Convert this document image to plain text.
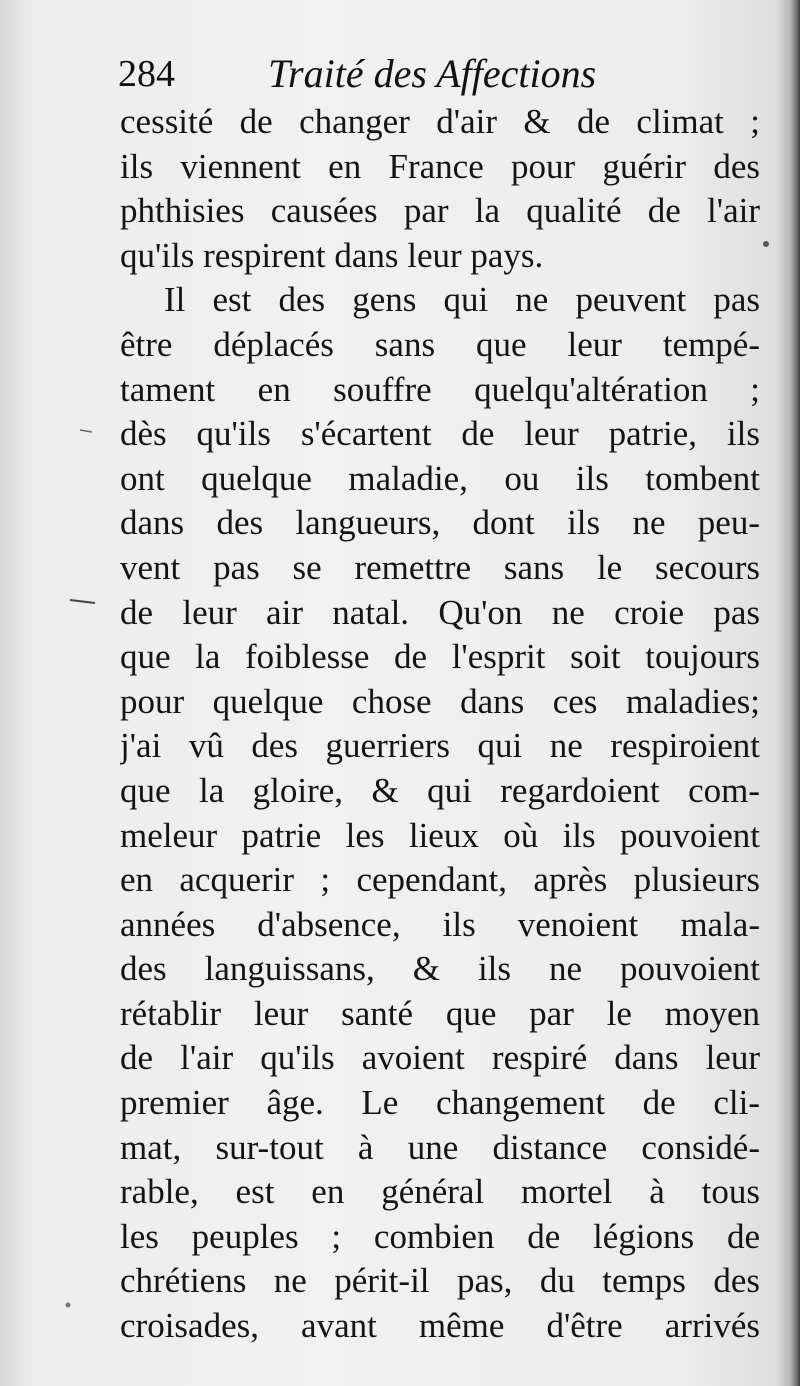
284 Traité des Affections
cessité de changer d'air & de climat ;
ils viennent en France pour guérir des
phthisies causées par la qualité de l'air
qu'ils respirent dans leur pays.
Il est des gens qui ne peuvent pas
être déplacés sans que leur tempé-
tament en souffre quelqu'altération ;
dès qu'ils s'écartent de leur patrie, ils
ont quelque maladie, ou ils tombent
dans des langueurs, dont ils ne peu-
vent pas se remettre sans le secours
de leur air natal. Qu'on ne croie pas
que la foiblesse de l'esprit soit toujours
pour quelque chose dans ces maladies;
j'ai vû des guerriers qui ne respiroient
que la gloire, & qui regardoient com-
meleur patrie les lieux où ils pouvoient
en acquerir ; cependant, après plusieurs
années d'absence, ils venoient mala-
des languissans, & ils ne pouvoient
rétablir leur santé que par le moyen
de l'air qu'ils avoient respiré dans leur
premier âge. Le changement de cli-
mat, sur-tout à une distance considé-
rable, est en général mortel à tous
les peuples ; combien de légions de
chrétiens ne périt-il pas, du temps des
croisades, avant même d'être arrivés
